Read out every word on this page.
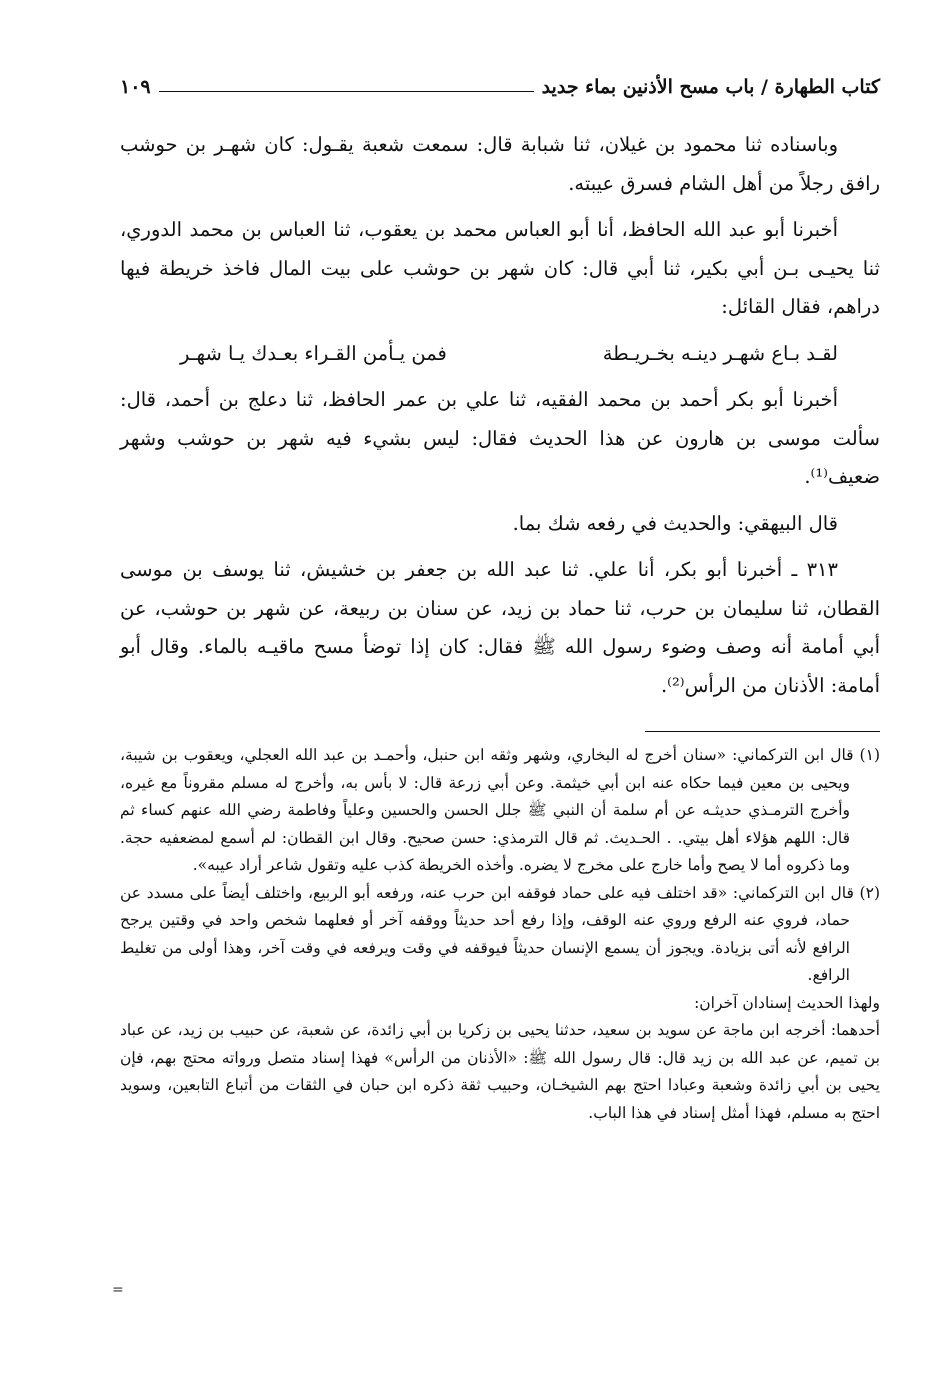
كتاب الطهارة / باب مسح الأذنين بماء جديد
١٠٩

وباسناده ثنا محمود بن غيلان، ثنا شبابة قال: سمعت شعبة يقـول: كان شهـر بن حوشب رافق رجلاً من أهل الشام فسرق عيبته.

أخبرنا أبو عبد الله الحافظ، أنا أبو العباس محمد بن يعقوب، ثنا العباس بن محمد الدوري، ثنا يحيـى بـن أبي بكير، ثنا أبي قال: كان شهر بن حوشب على بيت المال فاخذ خريطة فيها دراهم، فقال القائل:

لقـد بـاع شهـر دينـه بخـريـطة
فمن يـأمن القـراء بعـدك يـا شهـر

أخبرنا أبو بكر أحمد بن محمد الفقيه، ثنا علي بن عمر الحافظ، ثنا دعلج بن أحمد، قال: سألت موسى بن هارون عن هذا الحديث فقال: ليس بشيء فيه شهر بن حوشب وشهر ضعيف⁽¹⁾.

قال البيهقي: والحديث في رفعه شك بما.

٣١٣ ـ أخبرنا أبو بكر، أنا علي. ثنا عبد الله بن جعفر بن خشيش، ثنا يوسف بن موسى القطان، ثنا سليمان بن حرب، ثنا حماد بن زيد، عن سنان بن ربيعة، عن شهر بن حوشب، عن أبي أمامة أنه وصف وضوء رسول الله ﷺ فقال: كان إذا توضأ مسح ماقيـه بالماء. وقال أبو أمامة: الأذنان من الرأس⁽²⁾.

(١) قال ابن التركماني: «سنان أخرج له البخاري، وشهر وثقه ابن حنبل، وأحمـد بن عبد الله العجلي، ويعقوب بن شيبة، ويحيى بن معين فيما حكاه عنه ابن أبي خيثمة. وعن أبي زرعة قال: لا بأس به، وأخرج له مسلم مقروناً مع غيره، وأخرج الترمـذي حديثـه عن أم سلمة أن النبي ﷺ جلل الحسن والحسين وعلياً وفاطمة رضي الله عنهم كساء ثم قال: اللهم هؤلاء أهل بيتي. . الحـديث. ثم قال الترمذي: حسن صحيح. وقال ابن القطان: لم أسمع لمضعفيه حجة. وما ذكروه أما لا يصح وأما خارج على مخرج لا يضره. وأخذه الخريطة كذب عليه وتقول شاعر أراد عيبه».

(٢) قال ابن التركماني: «قد اختلف فيه على حماد فوقفه ابن حرب عنه، ورفعه أبو الربيع، واختلف أيضاً على مسدد عن حماد، فروي عنه الرفع وروي عنه الوقف، وإذا رفع أحد حديثاً ووقفه آخر أو فعلهما شخص واحد في وقتين يرجح الرافع لأنه أتى بزيادة. ويجوز أن يسمع الإنسان حديثاً فيوقفه في وقت ويرفعه في وقت آخر، وهذا أولى من تغليط الرافع.

ولهذا الحديث إسنادان آخران:

أحدهما: أخرجه ابن ماجة عن سويد بن سعيد، حدثنا يحيى بن زكريا بن أبي زائدة، عن شعبة، عن حبيب بن زيد، عن عباد بن تميم، عن عبد الله بن زيد قال: قال رسول الله ﷺ: «الأذنان من الرأس» فهذا إسناد متصل ورواته محتج بهم، فإن يحيى بن أبي زائدة وشعبة وعبادا احتج بهم الشيخـان، وحبيب ثقة ذكره ابن حبان في الثقات من أتباع التابعين، وسويد احتج به مسلم، فهذا أمثل إسناد في هذا الباب.

=
